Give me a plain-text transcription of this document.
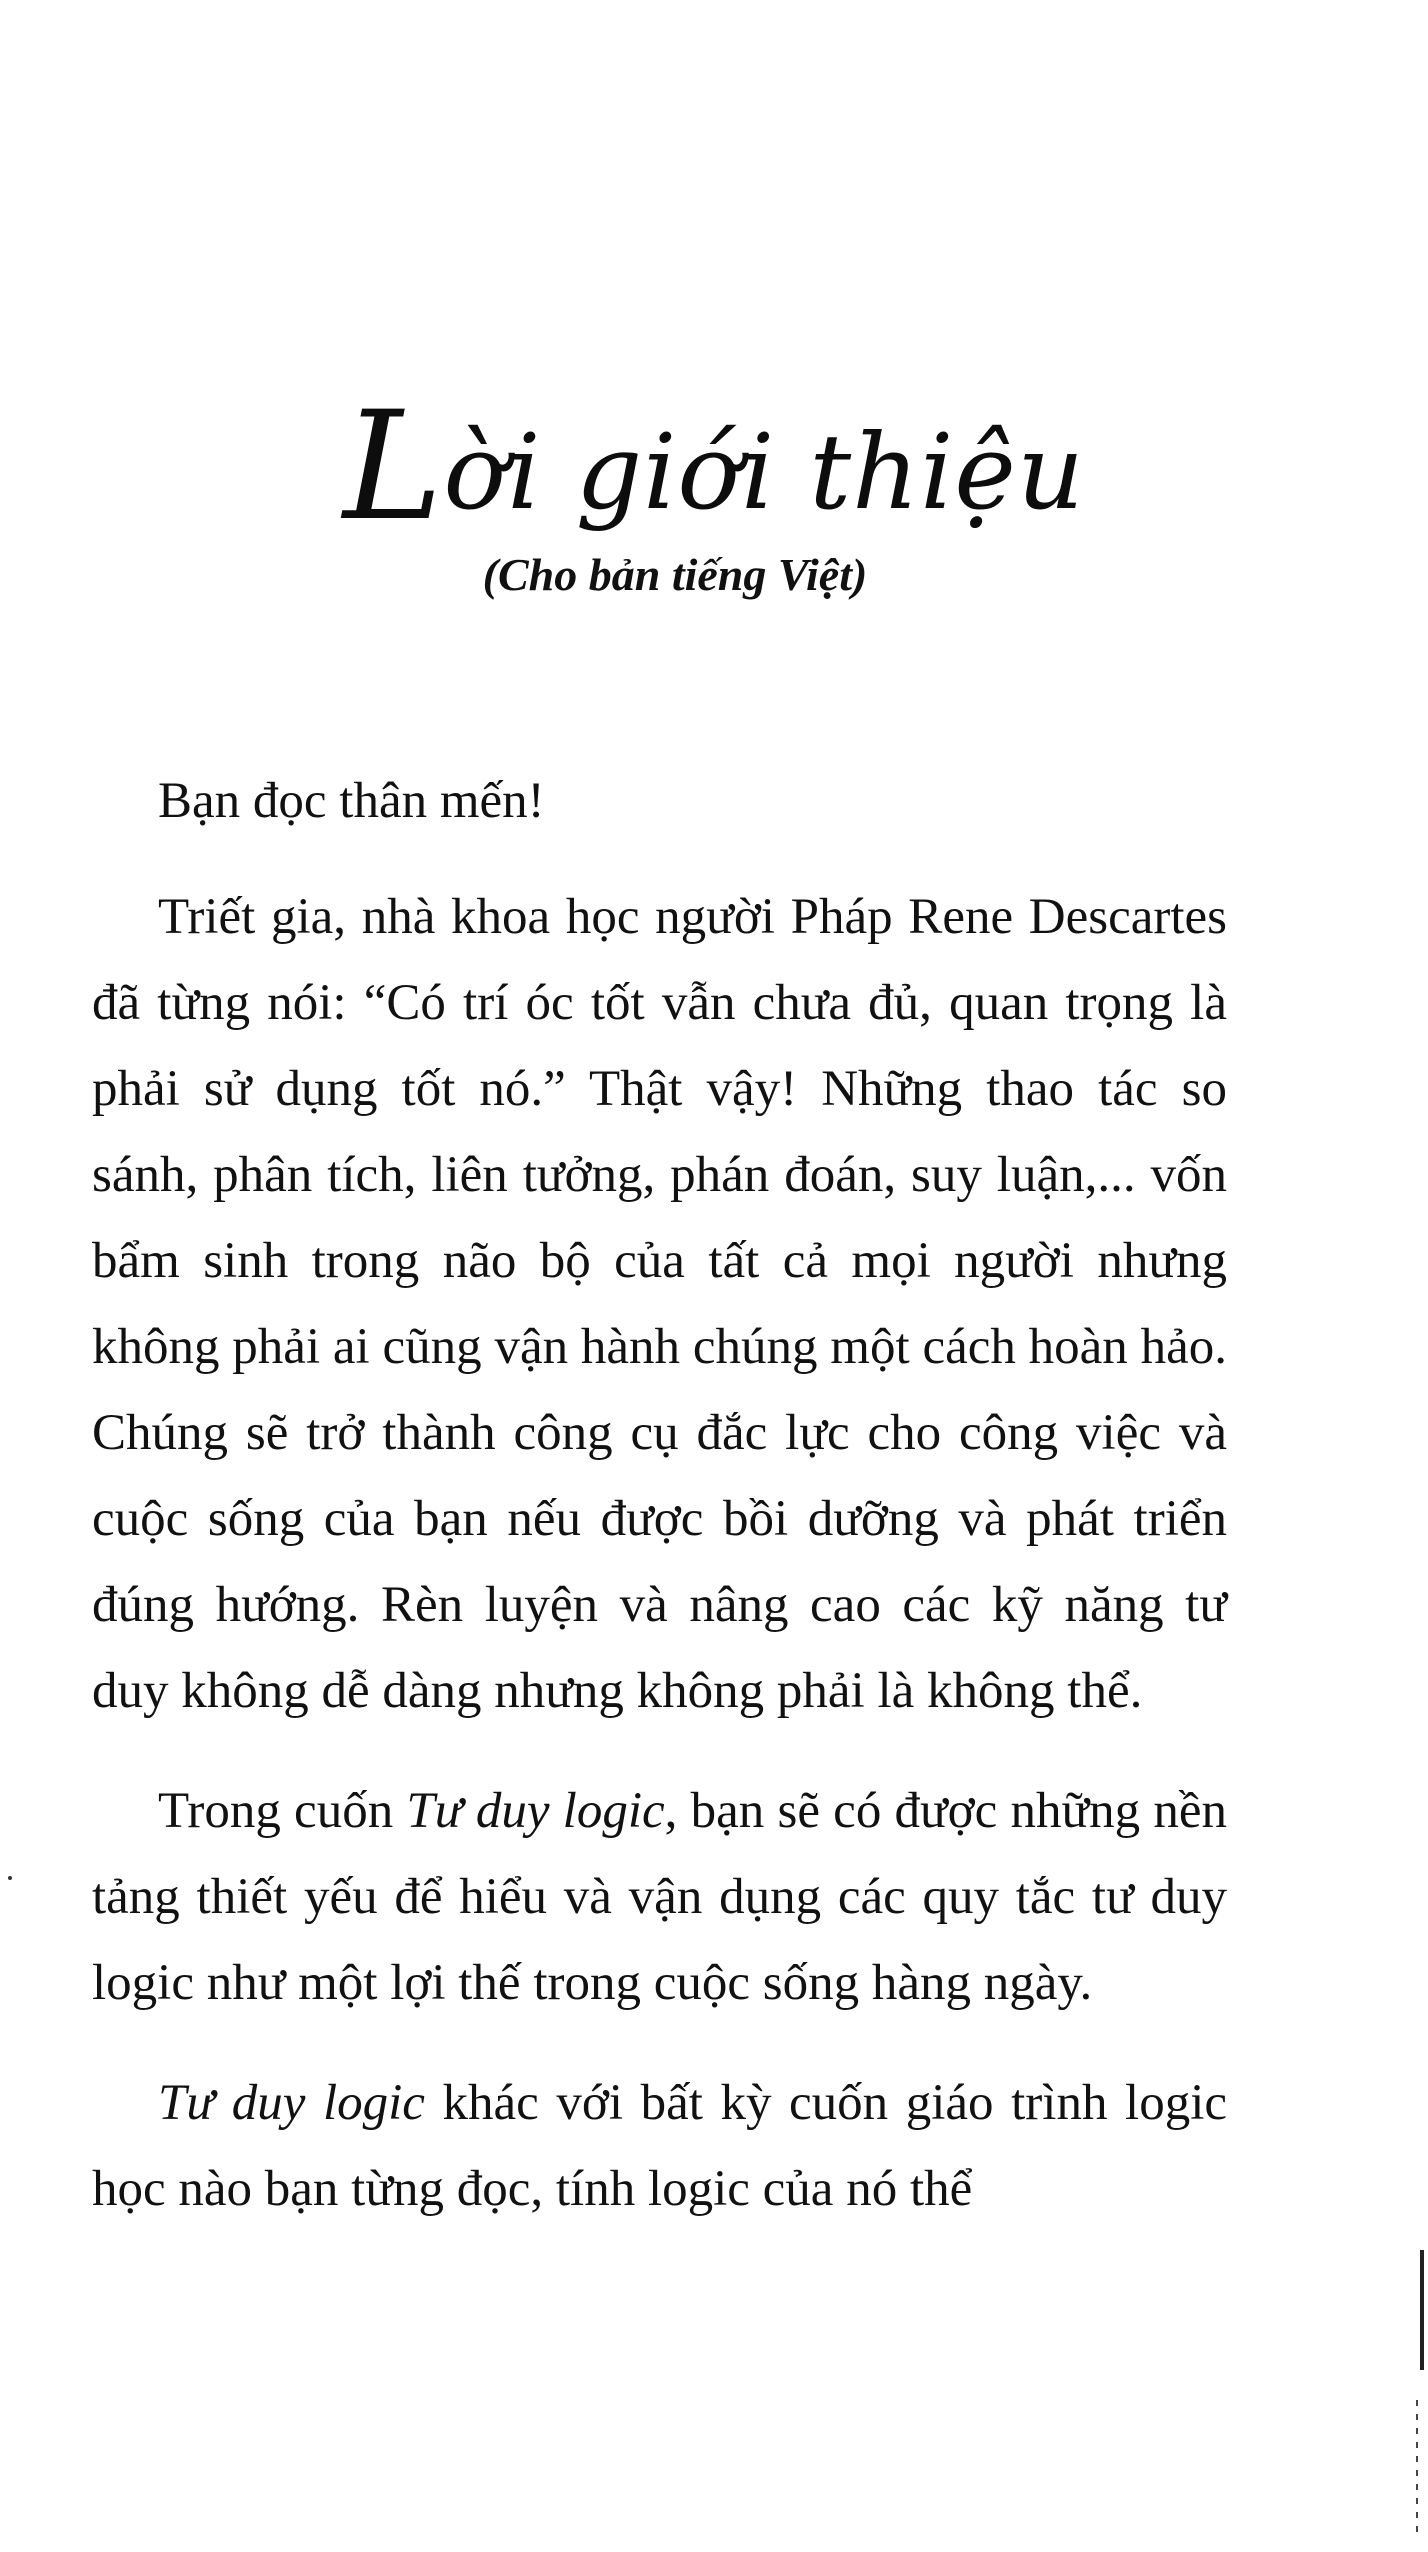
Lời giới thiệu
(Cho bản tiếng Việt)

Bạn đọc thân mến!

Triết gia, nhà khoa học người Pháp Rene Descartes đã từng nói: “Có trí óc tốt vẫn chưa đủ, quan trọng là phải sử dụng tốt nó.” Thật vậy! Những thao tác so sánh, phân tích, liên tưởng, phán đoán, suy luận,... vốn bẩm sinh trong não bộ của tất cả mọi người nhưng không phải ai cũng vận hành chúng một cách hoàn hảo. Chúng sẽ trở thành công cụ đắc lực cho công việc và cuộc sống của bạn nếu được bồi dưỡng và phát triển đúng hướng. Rèn luyện và nâng cao các kỹ năng tư duy không dễ dàng nhưng không phải là không thể.

Trong cuốn Tư duy logic, bạn sẽ có được những nền tảng thiết yếu để hiểu và vận dụng các quy tắc tư duy logic như một lợi thế trong cuộc sống hàng ngày.

Tư duy logic khác với bất kỳ cuốn giáo trình logic học nào bạn từng đọc, tính logic của nó thể
